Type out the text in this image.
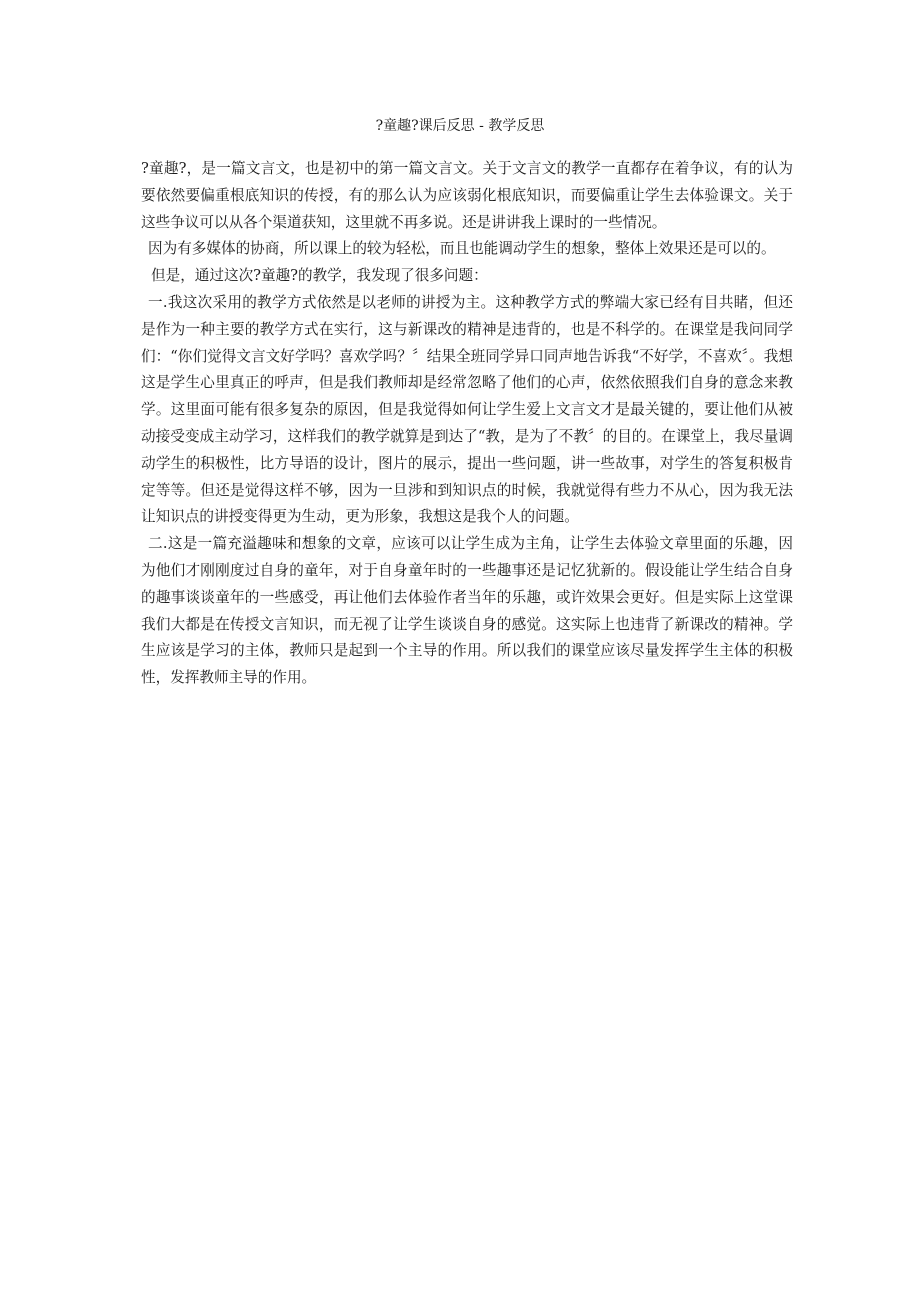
?童趣?课后反思 - 教学反思

?童趣?，是一篇文言文，也是初中的第一篇文言文。关于文言文的教学一直都存在着争议，有的认为要依然要偏重根底知识的传授，有的那么认为应该弱化根底知识，而要偏重让学生去体验课文。关于这些争议可以从各个渠道获知，这里就不再多说。还是讲讲我上课时的一些情况。

因为有多媒体的协商，所以课上的较为轻松，而且也能调动学生的想象，整体上效果还是可以的。

但是，通过这次?童趣?的教学，我发现了很多问题：

一.我这次采用的教学方式依然是以老师的讲授为主。这种教学方式的弊端大家已经有目共睹，但还是作为一种主要的教学方式在实行，这与新课改的精神是违背的，也是不科学的。在课堂是我问同学们：“你们觉得文言文好学吗？喜欢学吗？〞结果全班同学异口同声地告诉我“不好学，不喜欢〞。我想这是学生心里真正的呼声，但是我们教师却是经常忽略了他们的心声，依然依照我们自身的意念来教学。这里面可能有很多复杂的原因，但是我觉得如何让学生爱上文言文才是最关键的，要让他们从被动接受变成主动学习，这样我们的教学就算是到达了“教，是为了不教〞的目的。在课堂上，我尽量调动学生的积极性，比方导语的设计，图片的展示，提出一些问题，讲一些故事，对学生的答复积极肯定等等。但还是觉得这样不够，因为一旦涉和到知识点的时候，我就觉得有些力不从心，因为我无法让知识点的讲授变得更为生动，更为形象，我想这是我个人的问题。

二.这是一篇充溢趣味和想象的文章，应该可以让学生成为主角，让学生去体验文章里面的乐趣，因为他们才刚刚度过自身的童年，对于自身童年时的一些趣事还是记忆犹新的。假设能让学生结合自身的趣事谈谈童年的一些感受，再让他们去体验作者当年的乐趣，或许效果会更好。但是实际上这堂课我们大都是在传授文言知识，而无视了让学生谈谈自身的感觉。这实际上也违背了新课改的精神。学生应该是学习的主体，教师只是起到一个主导的作用。所以我们的课堂应该尽量发挥学生主体的积极性，发挥教师主导的作用。
